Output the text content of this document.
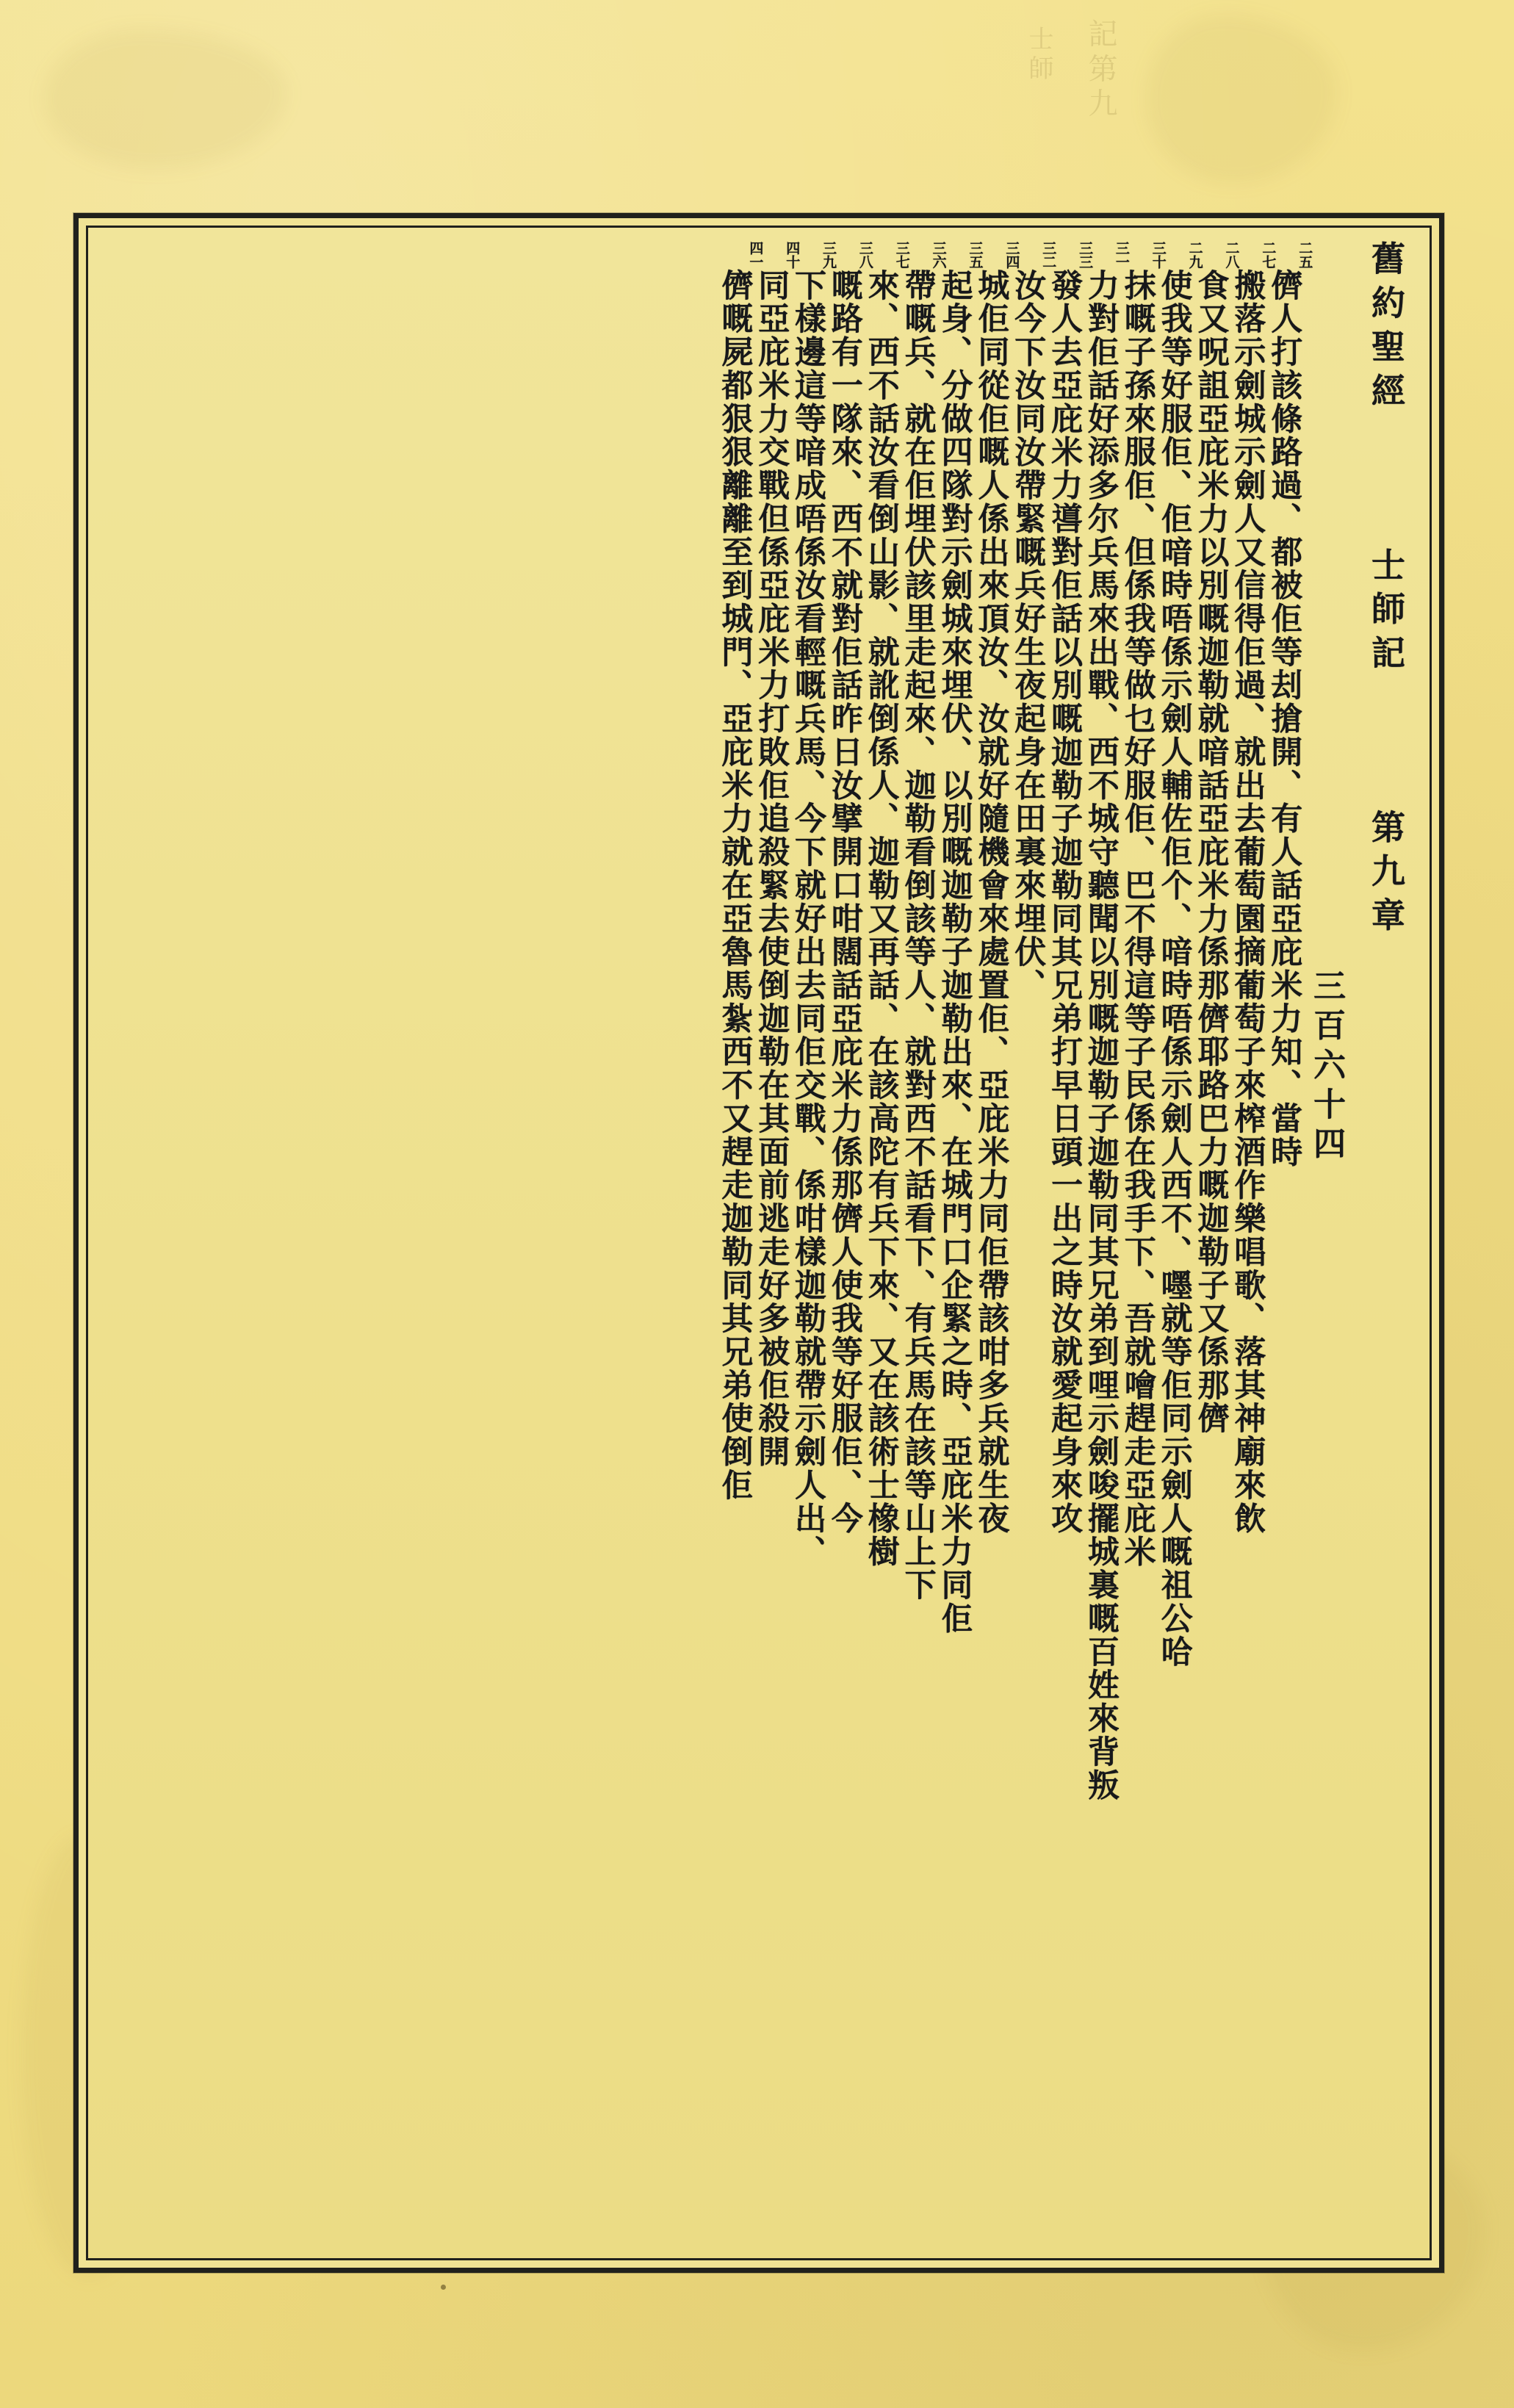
記第九
士師
舊約聖經  士師記  第九章
三百六十四
二五儕人打該條路過、都被佢等刦搶開、有人話亞庇米力知、當時
二七搬落示劍城示劍人又信得佢過、就出去葡萄園摘葡萄子來榨酒作樂唱歌、落其神廟來飲
二八食又呪詛亞庇米力以別嘅迦勒就喑話亞庇米力係那儕耶路巴力嘅迦勒子又係那儕
二九使我等好服佢、佢喑時唔係示劍人輔佐佢个、喑時唔係示劍人西不、嚜就等佢同示劍人嘅祖公哈
三十抹嘅子孫來服佢、但係我等做乜好服佢、巴不得這等子民係在我手下、吾就噲趕走亞庇米
三一力對佢話好添多尔兵馬來出戰、西不城守聽聞以別嘅迦勒子迦勒同其兄弟到哩示劍唆擺城裏嘅百姓來背叛
三三發人去亞庇米力噵對佢話以別嘅迦勒子迦勒同其兄弟打早日頭一出之時汝就愛起身來攻
三二汝今下汝同汝帶緊嘅兵好生夜起身在田裏來埋伏、
三四城佢同從佢嘅人係出來頂汝、汝就好隨機會來處置佢、亞庇米力同佢帶該咁多兵就生夜
三五起身、分做四隊對示劍城來埋伏、以別嘅迦勒子迦勒出來、在城門口企緊之時、亞庇米力同佢
三六帶嘅兵、就在佢埋伏該里走起來、迦勒看倒該等人、就對西不話看下、有兵馬在該等山上下
三七來、西不話汝看倒山影、就訛倒係人、迦勒又再話、在該高陀有兵下來、又在該術士橡樹
三八嘅路有一隊來、西不就對佢話昨日汝擘開口咁闊話亞庇米力係那儕人使我等好服佢、今
三九下樣邊這等喑成唔係汝看輕嘅兵馬、今下就好出去同佢交戰、係咁樣迦勒就帶示劍人出、
四十同亞庇米力交戰但係亞庇米力打敗佢追殺緊去使倒迦勒在其面前逃走好多被佢殺開
四一儕嘅屍都狠狠離離至到城門、亞庇米力就在亞魯馬紮西不又趕走迦勒同其兄弟使倒佢
